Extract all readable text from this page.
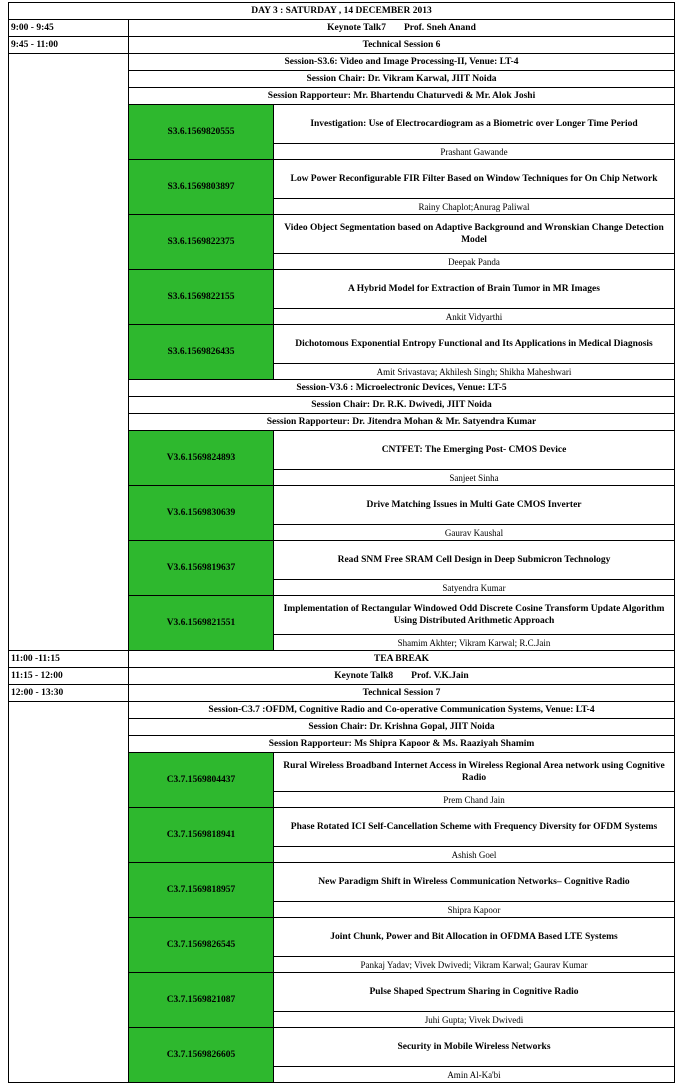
DAY 3 : SATURDAY , 14 DECEMBER 2013		
9:00 - 9:45	Keynote Talk7 Prof. Sneh Anand	
9:45 - 11:00	Technical Session 6	
	Session-S3.6: Video and Image Processing-II, Venue: LT-4	
	Session Chair: Dr. Vikram Karwal, JIIT Noida	
	Session Rapporteur: Mr. Bhartendu Chaturvedi & Mr. Alok Joshi	
	S3.6.1569820555	Investigation: Use of Electrocardiogram as a Biometric over Longer Time Period
		Prashant Gawande
	S3.6.1569803897	Low Power Reconfigurable FIR Filter Based on Window Techniques for On Chip Network
		Rainy Chaplot;Anurag Paliwal
	S3.6.1569822375	Video Object Segmentation based on Adaptive Background and Wronskian Change Detection Model
		Deepak Panda
	S3.6.1569822155	A Hybrid Model for Extraction of Brain Tumor in MR Images
		Ankit Vidyarthi
	S3.6.1569826435	Dichotomous Exponential Entropy Functional and Its Applications in Medical Diagnosis
		Amit Srivastava; Akhilesh Singh; Shikha Maheshwari
	Session-V3.6 : Microelectronic Devices, Venue: LT-5	
	Session Chair: Dr. R.K. Dwivedi, JIIT Noida	
	Session Rapporteur: Dr. Jitendra Mohan & Mr. Satyendra Kumar	
	V3.6.1569824893	CNTFET: The Emerging Post- CMOS Device
		Sanjeet Sinha
	V3.6.1569830639	Drive Matching Issues in Multi Gate CMOS Inverter
		Gaurav Kaushal
	V3.6.1569819637	Read SNM Free SRAM Cell Design in Deep Submicron Technology
		Satyendra Kumar
	V3.6.1569821551	Implementation of Rectangular Windowed Odd Discrete Cosine Transform Update Algorithm Using Distributed Arithmetic Approach
		Shamim Akhter; Vikram Karwal; R.C.Jain
11:00 -11:15	TEA BREAK	
11:15 - 12:00	Keynote Talk8 Prof. V.K.Jain	
12:00 - 13:30	Technical Session 7	
	Session-C3.7 :OFDM, Cognitive Radio and Co-operative Communication Systems, Venue: LT-4	
	Session Chair: Dr. Krishna Gopal, JIIT Noida	
	Session Rapporteur: Ms Shipra Kapoor & Ms. Raaziyah Shamim	
	C3.7.1569804437	Rural Wireless Broadband Internet Access in Wireless Regional Area network using Cognitive Radio
		Prem Chand Jain
	C3.7.1569818941	Phase Rotated ICI Self-Cancellation Scheme with Frequency Diversity for OFDM Systems
		Ashish Goel
	C3.7.1569818957	New Paradigm Shift in Wireless Communication Networks– Cognitive Radio
		Shipra Kapoor
	C3.7.1569826545	Joint Chunk, Power and Bit Allocation in OFDMA Based LTE Systems
		Pankaj Yadav; Vivek Dwivedi; Vikram Karwal; Gaurav Kumar
	C3.7.1569821087	Pulse Shaped Spectrum Sharing in Cognitive Radio
		Juhi Gupta; Vivek Dwivedi
	C3.7.1569826605	Security in Mobile Wireless Networks
		Amin Al-Ka'bi
